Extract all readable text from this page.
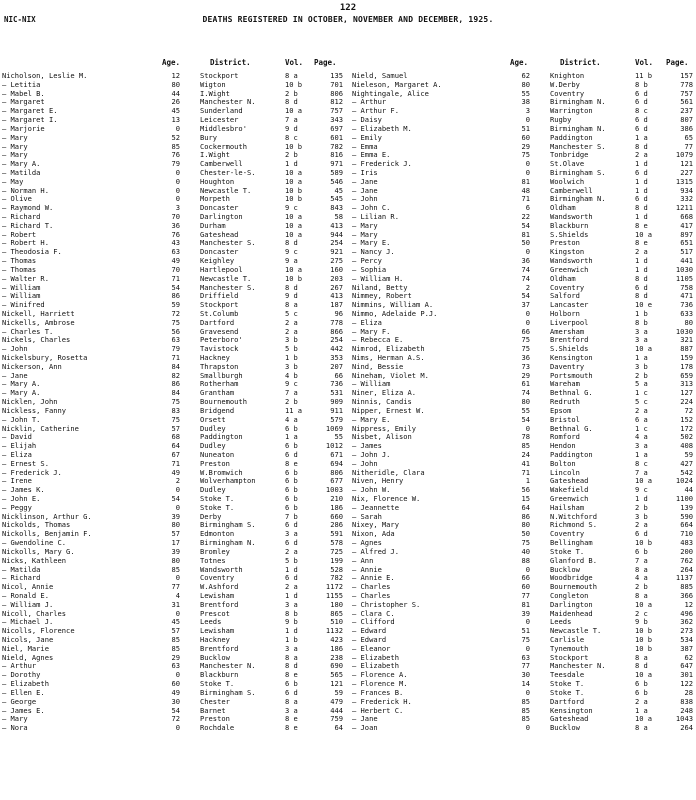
122
NIC-NIX	DEATHS REGISTERED IN OCTOBER, NOVEMBER AND DECEMBER, 1925.
Age.	District.	Vol. Page.
Nicholson, Leslie M.	12	Stockport	8 a	135
— Letitia	80	Wigton	10 b	701
— Mabel B.	44	I.Wight	2 b	806
— Margaret	26	Manchester N.	8 d	812
— Margaret E.	45	Sunderland	10 a	757
— Margaret I.	13	Leicester	7 a	343
— Marjorie	0	Middlesbro'	9 d	697
— Mary	52	Bury	8 c	601
— Mary	85	Cockermouth	10 b	782
— Mary	76	I.Wight	2 b	816
— Mary A.	79	Camberwell	1 d	971
— Matilda	0	Chester-le-S.	10 a	589
— May	0	Houghton	10 a	546
— Norman H.	0	Newcastle T.	10 b	45
— Olive	0	Morpeth	10 b	545
— Raymond W.	3	Doncaster	9 c	843
— Richard	70	Darlington	10 a	58
— Richard T.	36	Durham	10 a	413
— Robert	76	Gateshead	10 a	944
— Robert H.	43	Manchester S.	8 d	254
— Theodosia F.	63	Doncaster	9 c	921
— Thomas	49	Keighley	9 a	275
— Thomas	70	Hartlepool	10 a	160
— Walter R.	71	Newcastle T.	10 b	203
— William	54	Manchester S.	8 d	267
— William	86	Driffield	9 d	413
— Winifred	59	Stockport	8 a	187
Nickell, Harriett	72	St.Columb	5 c	96
Nickells, Ambrose	75	Dartford	2 a	778
— Charles T.	56	Gravesend	2 a	866
Nickels, Charles	63	Peterboro'	3 b	254
— John	79	Tavistock	5 b	442
Nickelsbury, Rosetta	71	Hackney	1 b	353
Nickerson, Ann	84	Thrapston	3 b	207
— Jane	82	Smallburgh	4 b	66
— Mary A.	86	Rotherham	9 c	736
— Mary A.	84	Grantham	7 a	531
Nicklen, John	75	Bournemouth	2 b	909
Nickless, Fanny	83	Bridgend	11 a	911
— John T.	75	Orsett	4 a	579
Nicklin, Catherine	57	Dudley	6 b	1069
— David	68	Paddington	1 a	55
— Elijah	64	Dudley	6 b	1012
— Eliza	67	Nuneaton	6 d	671
— Ernest S.	71	Preston	8 e	694
— Frederick J.	49	W.Bromwich	6 b	806
— Irene	2	Wolverhampton	6 b	677
— James K.	0	Dudley	6 b	1003
— John E.	54	Stoke T.	6 b	210
— Peggy	0	Stoke T.	6 b	186
Nicklinson, Arthur G.	39	Derby	7 b	660
Nickolds, Thomas	80	Birmingham S.	6 d	286
Nickolls, Benjamin F.	57	Edmonton	3 a	591
— Gwendoline C.	17	Birmingham N.	6 d	578
Nickolls, Mary G.	39	Bromley	2 a	725
Nicks, Kathleen	80	Totnes	5 b	199
— Matilda	85	Wandsworth	1 d	528
— Richard	0	Coventry	6 d	782
Nicol, Annie	77	W.Ashford	2 a	1172
— Ronald E.	4	Lewisham	1 d	1155
— William J.	31	Brentford	3 a	180
Nicoll, Charles	0	Prescot	8 b	865
— Michael J.	45	Leeds	9 b	510
Nicolls, Florence	57	Lewisham	1 d	1132
Nicols, Jane	85	Hackney	1 b	423
Niel, Marie	85	Brentford	3 a	186
Nield, Agnes	29	Bucklow	8 a	238
— Arthur	63	Manchester N.	8 d	690
— Dorothy	0	Blackburn	8 e	565
— Elizabeth	60	Stoke T.	6 b	121
— Ellen E.	49	Birmingham S.	6 d	59
— George	30	Chester	8 a	479
— James E.	54	Barnet	3 a	444
— Mary	72	Preston	8 e	759
— Nora	0	Rochdale	8 e	64
Age.	District.	Vol. Page.
Nield, Samuel	62	Knighton	11 b	157
Nieleson, Margaret A.	80	W.Derby	8 b	778
Nightingale, Alice	55	Coventry	6 d	757
— Arthur	38	Birmingham N.	6 d	561
— Arthur F.	3	Warrington	8 c	237
— Daisy	0	Rugby	6 d	807
— Elizabeth M.	51	Birmingham N.	6 d	386
— Emily	60	Paddington	1 a	65
— Emma	29	Manchester S.	8 d	77
— Emma E.	75	Tonbridge	2 a	1079
— Frederick J.	0	St.Olave	1 d	121
— Iris	0	Birmingham S.	6 d	227
— Jane	81	Woolwich	1 d	1315
— Jane	48	Camberwell	1 d	934
— John	71	Birmingham N.	6 d	332
— John C.	6	Oldham	8 d	1211
— Lilian R.	22	Wandsworth	1 d	668
— Mary	54	Blackburn	8 e	417
— Mary	81	S.Shields	10 a	897
— Mary E.	50	Preston	8 e	651
— Nancy J.	0	Kingston	2 a	517
— Percy	36	Wandsworth	1 d	441
— Sophia	74	Greenwich	1 d	1030
— William H.	74	Oldham	8 d	1105
Niland, Betty	2	Coventry	6 d	758
Nimmey, Robert	54	Salford	8 d	471
Nimmins, William A.	37	Lancaster	10 e	736
Nimmo, Adelaide P.J.	0	Holborn	1 b	633
— Eliza	0	Liverpool	8 b	80
— Mary F.	66	Amersham	3 a	1030
— Rebecca E.	75	Brentford	3 a	321
Nimrod, Elizabeth	75	S.Shields	10 a	887
Nims, Herman A.S.	36	Kensington	1 a	159
Nind, Bessie	73	Daventry	3 b	178
Nineham, Violet M.	29	Portsmouth	2 b	659
— William	61	Wareham	5 a	313
Niner, Eliza A.	74	Bethnal G.	1 c	127
Ninnis, Candis	80	Redruth	5 c	224
Nipper, Ernest W.	55	Epsom	2 a	72
— Mary E.	54	Bristol	6 a	152
Nippress, Emily	0	Bethnal G.	1 c	172
Nisbet, Alison	78	Romford	4 a	502
— James	85	Hendon	3 a	408
— John J.	24	Paddington	1 a	59
— John	41	Bolton	8 c	427
Nitheridle, Clara	71	Lincoln	7 a	542
Niven, Henry	1	Gateshead	10 a	1024
— John W.	56	Wakefield	9 c	44
Nix, Florence W.	15	Greenwich	1 d	1100
— Jeannette	64	Hailsham	2 b	139
— Sarah	86	N.Witchford	3 b	590
Nixey, Mary	80	Richmond S.	2 a	664
Nixon, Ada	50	Coventry	6 d	710
— Agnes	75	Bellingham	10 b	483
— Alfred J.	40	Stoke T.	6 b	200
— Ann	88	Glanford B.	7 a	762
— Annie	0	Bucklow	8 a	264
— Annie E.	66	Woodbridge	4 a	1137
— Charles	60	Bournemouth	2 b	885
— Charles	77	Congleton	8 a	366
— Christopher S.	81	Darlington	10 a	12
— Clara C.	39	Maidenhead	2 c	496
— Clifford	0	Leeds	9 b	362
— Edward	51	Newcastle T.	10 b	273
— Edward	75	Carlisle	10 b	534
— Eleanor	0	Tynemouth	10 b	387
— Elizabeth	63	Stockport	8 a	62
— Elizabeth	77	Manchester N.	8 d	647
— Florence A.	30	Teesdale	10 a	301
— Florence M.	14	Stoke T.	6 b	122
— Frances B.	0	Stoke T.	6 b	28
— Frederick H.	85	Dartford	2 a	838
— Herbert C.	85	Kensington	1 a	248
— Jane	85	Gateshead	10 a	1043
— Joan	0	Bucklow	8 a	264
